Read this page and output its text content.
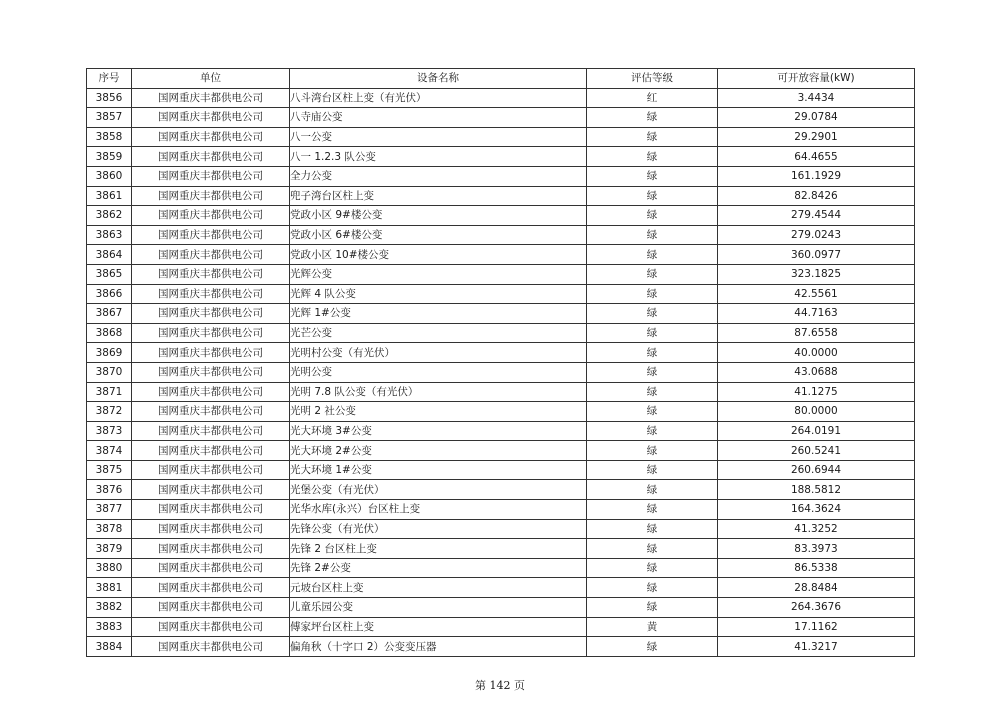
序号	单位	设备名称	评估等级	可开放容量(kW)
3856	国网重庆丰都供电公司	八斗湾台区柱上变（有光伏）	红	3.4434
3857	国网重庆丰都供电公司	八寺庙公变	绿	29.0784
3858	国网重庆丰都供电公司	八一公变	绿	29.2901
3859	国网重庆丰都供电公司	八一 1.2.3 队公变	绿	64.4655
3860	国网重庆丰都供电公司	全力公变	绿	161.1929
3861	国网重庆丰都供电公司	兜子湾台区柱上变	绿	82.8426
3862	国网重庆丰都供电公司	党政小区 9#楼公变	绿	279.4544
3863	国网重庆丰都供电公司	党政小区 6#楼公变	绿	279.0243
3864	国网重庆丰都供电公司	党政小区 10#楼公变	绿	360.0977
3865	国网重庆丰都供电公司	光辉公变	绿	323.1825
3866	国网重庆丰都供电公司	光辉 4 队公变	绿	42.5561
3867	国网重庆丰都供电公司	光辉 1#公变	绿	44.7163
3868	国网重庆丰都供电公司	光芒公变	绿	87.6558
3869	国网重庆丰都供电公司	光明村公变（有光伏）	绿	40.0000
3870	国网重庆丰都供电公司	光明公变	绿	43.0688
3871	国网重庆丰都供电公司	光明 7.8 队公变（有光伏）	绿	41.1275
3872	国网重庆丰都供电公司	光明 2 社公变	绿	80.0000
3873	国网重庆丰都供电公司	光大环境 3#公变	绿	264.0191
3874	国网重庆丰都供电公司	光大环境 2#公变	绿	260.5241
3875	国网重庆丰都供电公司	光大环境 1#公变	绿	260.6944
3876	国网重庆丰都供电公司	光堡公变（有光伏）	绿	188.5812
3877	国网重庆丰都供电公司	光华水库(永兴）台区柱上变	绿	164.3624
3878	国网重庆丰都供电公司	先锋公变（有光伏）	绿	41.3252
3879	国网重庆丰都供电公司	先锋 2 台区柱上变	绿	83.3973
3880	国网重庆丰都供电公司	先锋 2#公变	绿	86.5338
3881	国网重庆丰都供电公司	元坡台区柱上变	绿	28.8484
3882	国网重庆丰都供电公司	儿童乐园公变	绿	264.3676
3883	国网重庆丰都供电公司	傅家坪台区柱上变	黄	17.1162
3884	国网重庆丰都供电公司	偏角秋（十字口 2）公变变压器	绿	41.3217
第 142 页
